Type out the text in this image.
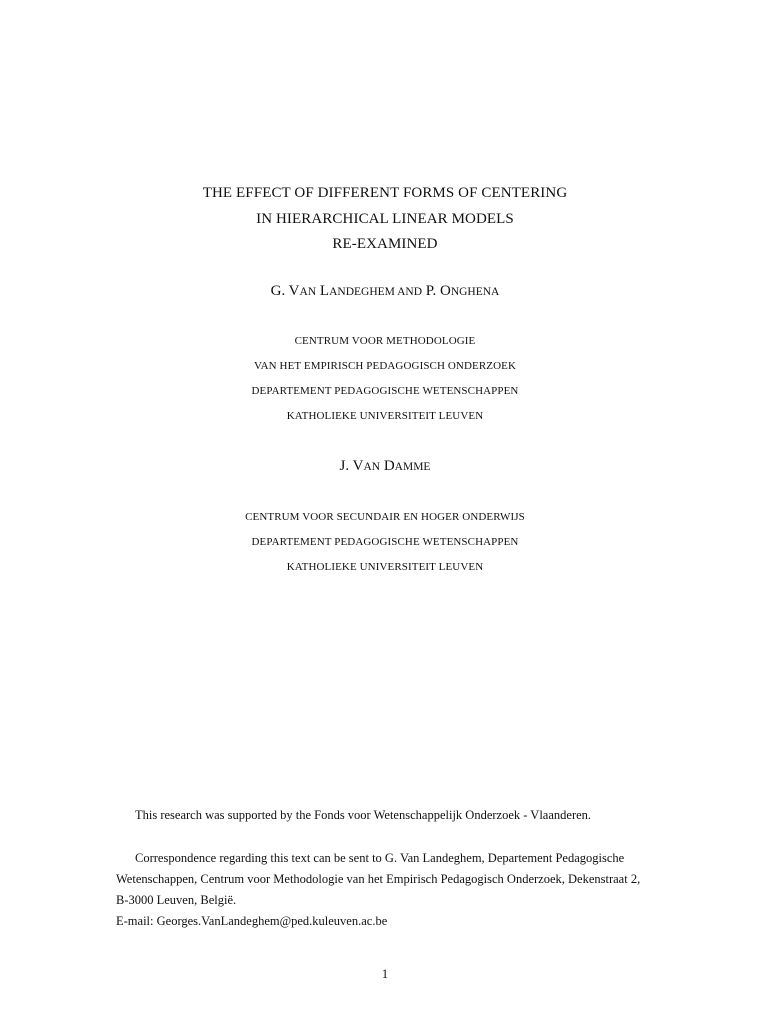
THE EFFECT OF DIFFERENT FORMS OF CENTERING
IN HIERARCHICAL LINEAR MODELS
RE-EXAMINED
G. VAN LANDEGHEM AND P. ONGHENA
CENTRUM VOOR METHODOLOGIE
VAN HET EMPIRISCH PEDAGOGISCH ONDERZOEK
DEPARTEMENT PEDAGOGISCHE WETENSCHAPPEN
KATHOLIEKE UNIVERSITEIT LEUVEN
J. VAN DAMME
CENTRUM VOOR SECUNDAIR EN HOGER ONDERWIJS
DEPARTEMENT PEDAGOGISCHE WETENSCHAPPEN
KATHOLIEKE UNIVERSITEIT LEUVEN

This research was supported by the Fonds voor Wetenschappelijk Onderzoek - Vlaanderen.

Correspondence regarding this text can be sent to G. Van Landeghem, Departement Pedagogische Wetenschappen, Centrum voor Methodologie van het Empirisch Pedagogisch Onderzoek, Dekenstraat 2, B-3000 Leuven, België.

E-mail: Georges.VanLandeghem@ped.kuleuven.ac.be

1
